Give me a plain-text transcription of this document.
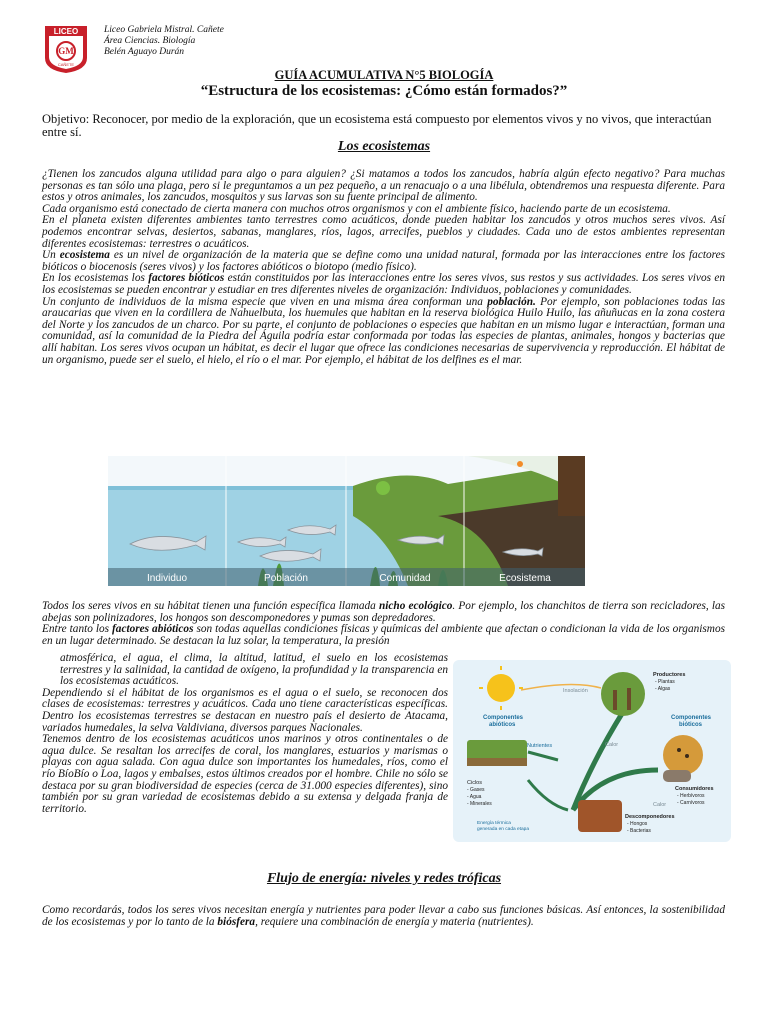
LICEO
GM
CAÑETE
Liceo Gabriela Mistral. Cañete
Área Ciencias. Biología
Belén Aguayo Durán
GUÍA ACUMULATIVA N°5 BIOLOGÍA
“Estructura de los ecosistemas: ¿Cómo están formados?”
Objetivo: Reconocer, por medio de la exploración, que un ecosistema está compuesto por elementos vivos y no vivos, que interactúan entre sí.
Los ecosistemas
¿Tienen los zancudos alguna utilidad para algo o para alguien? ¿Si matamos a todos los zancudos, habría algún efecto negativo? Para muchas personas es tan sólo una plaga, pero si le preguntamos a un pez pequeño, a un renacuajo o a una libélula, obtendremos una respuesta diferente. Para estos y otros animales, los zancudos, mosquitos y sus larvas son su fuente principal de alimento.
Cada organismo está conectado de cierta manera con muchos otros organismos y con el ambiente físico, haciendo parte de un ecosistema.
En el planeta existen diferentes ambientes tanto terrestres como acuáticos, donde pueden habitar los zancudos y otros muchos seres vivos. Así podemos encontrar selvas, desiertos, sabanas, manglares, ríos, lagos, arrecifes, pueblos y ciudades. Cada uno de estos ambientes representan diferentes ecosistemas: terrestres o acuáticos.
Un ecosistema es un nivel de organización de la materia que se define como una unidad natural, formada por las interacciones entre los factores bióticos o biocenosis (seres vivos) y los factores abióticos o biotopo (medio físico).
En los ecosistemas los factores bióticos están constituidos por las interacciones entre los seres vivos, sus restos y sus actividades. Los seres vivos en los ecosistemas se pueden encontrar y estudiar en tres diferentes niveles de organización: Individuos, poblaciones y comunidades.
Un conjunto de individuos de la misma especie que viven en una misma área conforman una población. Por ejemplo, son poblaciones todas las araucarias que viven en la cordillera de Nahuelbuta, los huemules que habitan en la reserva biológica Huilo Huilo, las añuñucas en la zona costera del Norte y los zancudos de un charco. Por su parte, el conjunto de poblaciones o especies que habitan en un mismo lugar e interactúan, forman una comunidad, así la comunidad de la Piedra del Águila podría estar conformada por todas las especies de plantas, animales, hongos y bacterias que allí habitan. Los seres vivos ocupan un hábitat, es decir el lugar que ofrece las condiciones necesarias de supervivencia y reproducción. El hábitat de un organismo, puede ser el suelo, el hielo, el río o el mar. Por ejemplo, el hábitat de los delfines es el mar.
Individuo	Población	Comunidad	Ecosistema
Todos los seres vivos en su hábitat tienen una función específica llamada nicho ecológico. Por ejemplo, los chanchitos de tierra son recicladores, las abejas son polinizadores, los hongos son descomponedores y pumas son depredadores.
Entre tanto los factores abióticos son todas aquellas condiciones físicas y químicas del ambiente que afectan o condicionan la vida de los organismos en un lugar determinado. Se destacan la luz solar, la temperatura, la presión
atmosférica, el agua, el clima, la altitud, latitud, el suelo en los ecosistemas terrestres y la salinidad, la cantidad de oxígeno, la profundidad y la transparencia en los ecosistemas acuáticos.
Dependiendo si el hábitat de los organismos es el agua o el suelo, se reconocen dos clases de ecosistemas: terrestres y acuáticos. Cada uno tiene características específicas. Dentro los ecosistemas terrestres se destacan en nuestro país el desierto de Atacama, variados humedales, la selva Valdiviana, diversos parques Nacionales.
Tenemos dentro de los ecosistemas acuáticos unos marinos y otros continentales o de agua dulce. Se resaltan los arrecifes de coral, los manglares, estuarios y marismas o playas con agua salada. Con agua dulce son importantes los humedales, ríos, como el río BíoBío o Loa, lagos y embalses, estos últimos creados por el hombre. Chile no sólo se destaca por su gran biodiversidad de especies (cerca de 31.000 especies diferentes), sino también por su gran variedad de ecosistemas debido a su extensa y delgada franja de territorio.
Insolación
Componentes
abióticos
Nutrientes
Ciclos
- Gases
- Agua
- Minerales
Energía térmica
generada en cada etapa
Productores
- Plantas
- Algas
Componentes
bióticos
Calor
Consumidores
- Herbívoros
- Carnívoros
Calor
Descomponedores
- Hongos
- Bacterias
Flujo de energía: niveles y redes tróficas
Como recordarás, todos los seres vivos necesitan energía y nutrientes para poder llevar a cabo sus funciones básicas. Así entonces, la sostenibilidad de los ecosistemas y por lo tanto de la biósfera, requiere una combinación de energía y materia (nutrientes).
